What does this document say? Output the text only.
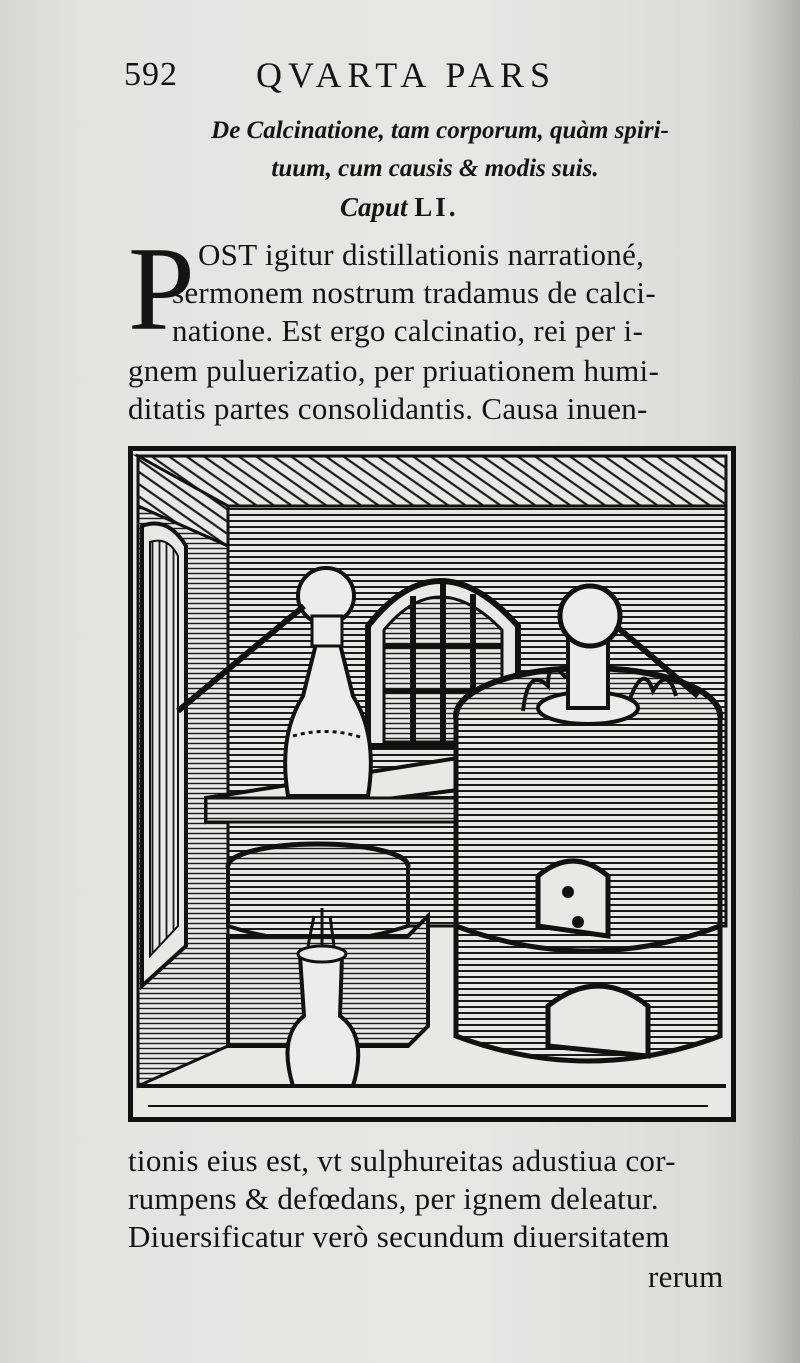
592 QVARTA PARS
De Calcinatione, tam corporum, quàm spiri-
tuum, cum causis & modis suis.
Caput LI.
P OST igitur distillationis narrationé,
sermonem nostrum tradamus de calci-
natione. Est ergo calcinatio, rei per i-
gnem puluerizatio, per priuationem humi-
ditatis partes consolidantis. Causa inuen-
tionis eius est, vt sulphureitas adustiua cor-
rumpens & defœdans, per ignem deleatur.
Diuersificatur verò secundum diuersitatem
rerum
